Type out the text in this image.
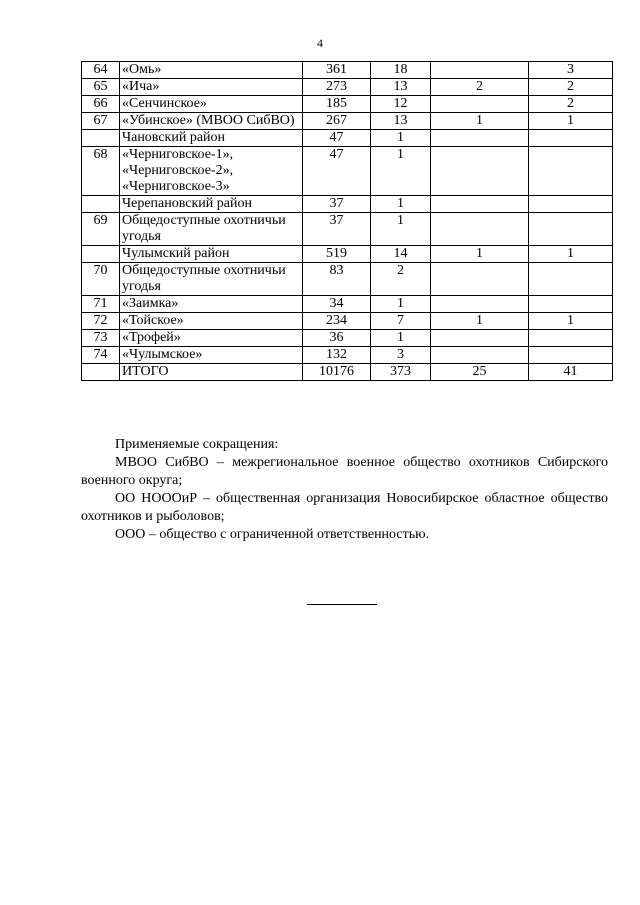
4
64	«Омь»	361	18		3
65	«Ича»	273	13	2	2
66	«Сенчинское»	185	12		2
67	«Убинское» (МВОО СибВО)	267	13	1	1
	Чановский район	47	1		
68	«Черниговское-1», «Черниговское-2», «Черниговское-3»	47	1		
	Черепановский район	37	1		
69	Общедоступные охотничьи угодья	37	1		
	Чулымский район	519	14	1	1
70	Общедоступные охотничьи угодья	83	2		
71	«Заимка»	34	1		
72	«Тойское»	234	7	1	1
73	«Трофей»	36	1		
74	«Чулымское»	132	3		
	ИТОГО	10176	373	25	41

Применяемые сокращения:

МВОО СибВО – межрегиональное военное общество охотников Сибирского военного округа;

ОО НОООиР – общественная организация Новосибирское областное общество охотников и рыболовов;

ООО – общество с ограниченной ответственностью.
